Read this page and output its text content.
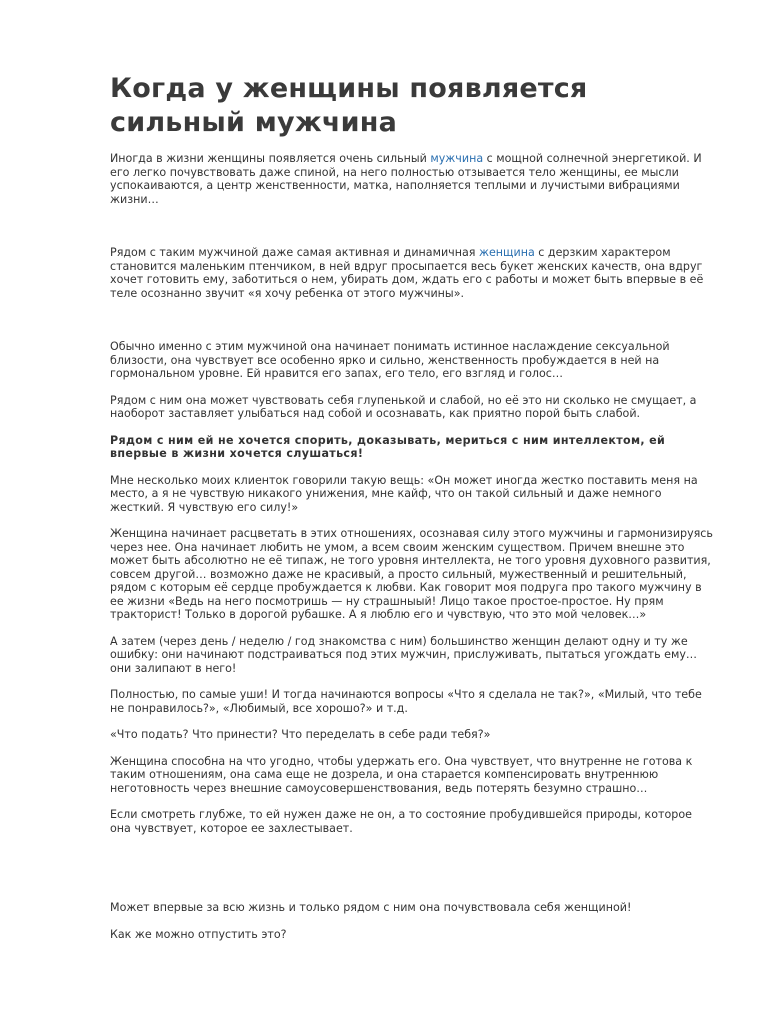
Когда у женщины появляется сильный мужчина

Иногда в жизни женщины появляется очень сильный мужчина с мощной солнечной энергетикой. И его легко почувствовать даже спиной, на него полностью отзывается тело женщины, ее мысли успокаиваются, а центр женственности, матка, наполняется теплыми и лучистыми вибрациями жизни…

Рядом с таким мужчиной даже самая активная и динамичная женщина с дерзким характером становится маленьким птенчиком, в ней вдруг просыпается весь букет женских качеств, она вдруг хочет готовить ему, заботиться о нем, убирать дом, ждать его с работы и может быть впервые в её теле осознанно звучит «я хочу ребенка от этого мужчины».

Обычно именно с этим мужчиной она начинает понимать истинное наслаждение сексуальной близости, она чувствует все особенно ярко и сильно, женственность пробуждается в ней на гормональном уровне. Ей нравится его запах, его тело, его взгляд и голос…

Рядом с ним она может чувствовать себя глупенькой и слабой, но её это ни сколько не смущает, а наоборот заставляет улыбаться над собой и осознавать, как приятно порой быть слабой.

Рядом с ним ей не хочется спорить, доказывать, мериться с ним интеллектом, ей впервые в жизни хочется слушаться!

Мне несколько моих клиенток говорили такую вещь: «Он может иногда жестко поставить меня на место, а я не чувствую никакого унижения, мне кайф, что он такой сильный и даже немного жесткий. Я чувствую его силу!»

Женщина начинает расцветать в этих отношениях, осознавая силу этого мужчины и гармонизируясь через нее. Она начинает любить не умом, а всем своим женским существом. Причем внешне это может быть абсолютно не её типаж, не того уровня интеллекта, не того уровня духовного развития, совсем другой… возможно даже не красивый, а просто сильный, мужественный и решительный, рядом с которым её сердце пробуждается к любви. Как говорит моя подруга про такого мужчину в ее жизни «Ведь на него посмотришь — ну страшныый! Лицо такое простое-простое. Ну прям тракторист! Только в дорогой рубашке. А я люблю его и чувствую, что это мой человек…»

А затем (через день / неделю / год знакомства с ним) большинство женщин делают одну и ту же ошибку: они начинают подстраиваться под этих мужчин, прислуживать, пытаться угождать ему…они залипают в него!

Полностью, по самые уши! И тогда начинаются вопросы «Что я сделала не так?», «Милый, что тебе не понравилось?», «Любимый, все хорошо?» и т.д.

«Что подать? Что принести? Что переделать в себе ради тебя?»

Женщина способна на что угодно, чтобы удержать его. Она чувствует, что внутренне не готова к таким отношениям, она сама еще не дозрела, и она старается компенсировать внутреннюю неготовность через внешние самоусовершенствования, ведь потерять безумно страшно…

Если смотреть глубже, то ей нужен даже не он, а то состояние пробудившейся природы, которое она чувствует, которое ее захлестывает.

Может впервые за всю жизнь и только рядом с ним она почувствовала себя женщиной!

Как же можно отпустить это?
